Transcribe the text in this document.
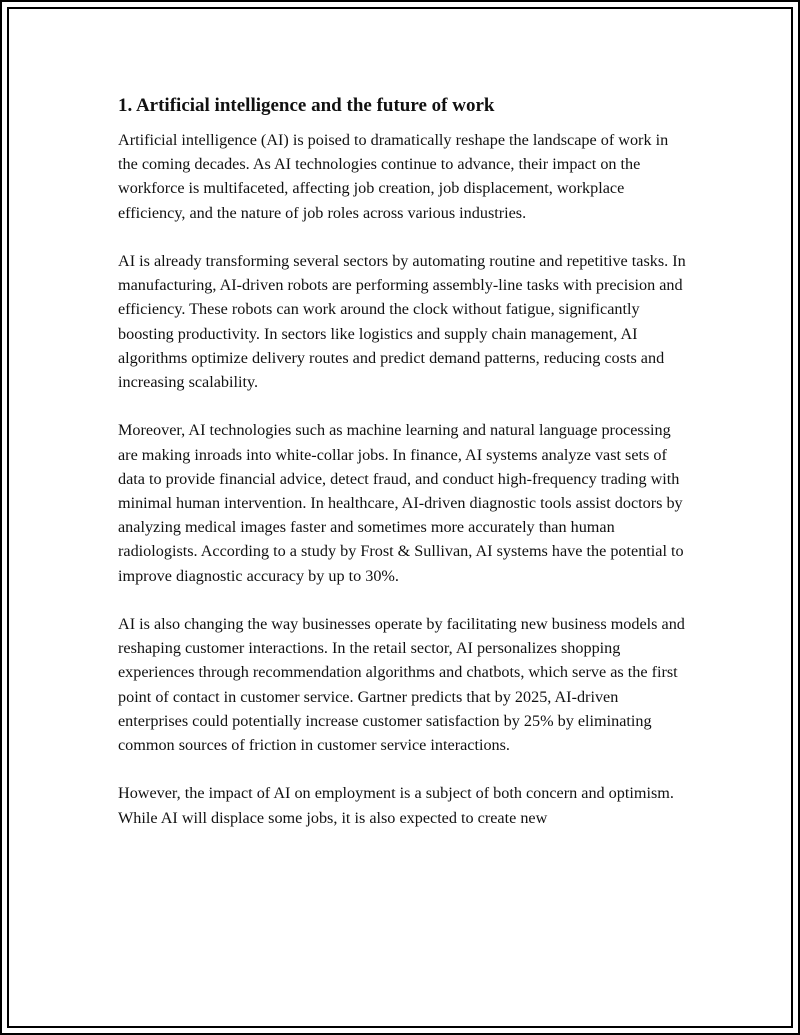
1. Artificial intelligence and the future of work

Artificial intelligence (AI) is poised to dramatically reshape the landscape of work in the coming decades. As AI technologies continue to advance, their impact on the workforce is multifaceted, affecting job creation, job displacement, workplace efficiency, and the nature of job roles across various industries.

AI is already transforming several sectors by automating routine and repetitive tasks. In manufacturing, AI-driven robots are performing assembly-line tasks with precision and efficiency. These robots can work around the clock without fatigue, significantly boosting productivity. In sectors like logistics and supply chain management, AI algorithms optimize delivery routes and predict demand patterns, reducing costs and increasing scalability.

Moreover, AI technologies such as machine learning and natural language processing are making inroads into white-collar jobs. In finance, AI systems analyze vast sets of data to provide financial advice, detect fraud, and conduct high-frequency trading with minimal human intervention. In healthcare, AI-driven diagnostic tools assist doctors by analyzing medical images faster and sometimes more accurately than human radiologists. According to a study by Frost & Sullivan, AI systems have the potential to improve diagnostic accuracy by up to 30%.

AI is also changing the way businesses operate by facilitating new business models and reshaping customer interactions. In the retail sector, AI personalizes shopping experiences through recommendation algorithms and chatbots, which serve as the first point of contact in customer service. Gartner predicts that by 2025, AI-driven enterprises could potentially increase customer satisfaction by 25% by eliminating common sources of friction in customer service interactions.

However, the impact of AI on employment is a subject of both concern and optimism. While AI will displace some jobs, it is also expected to create new
